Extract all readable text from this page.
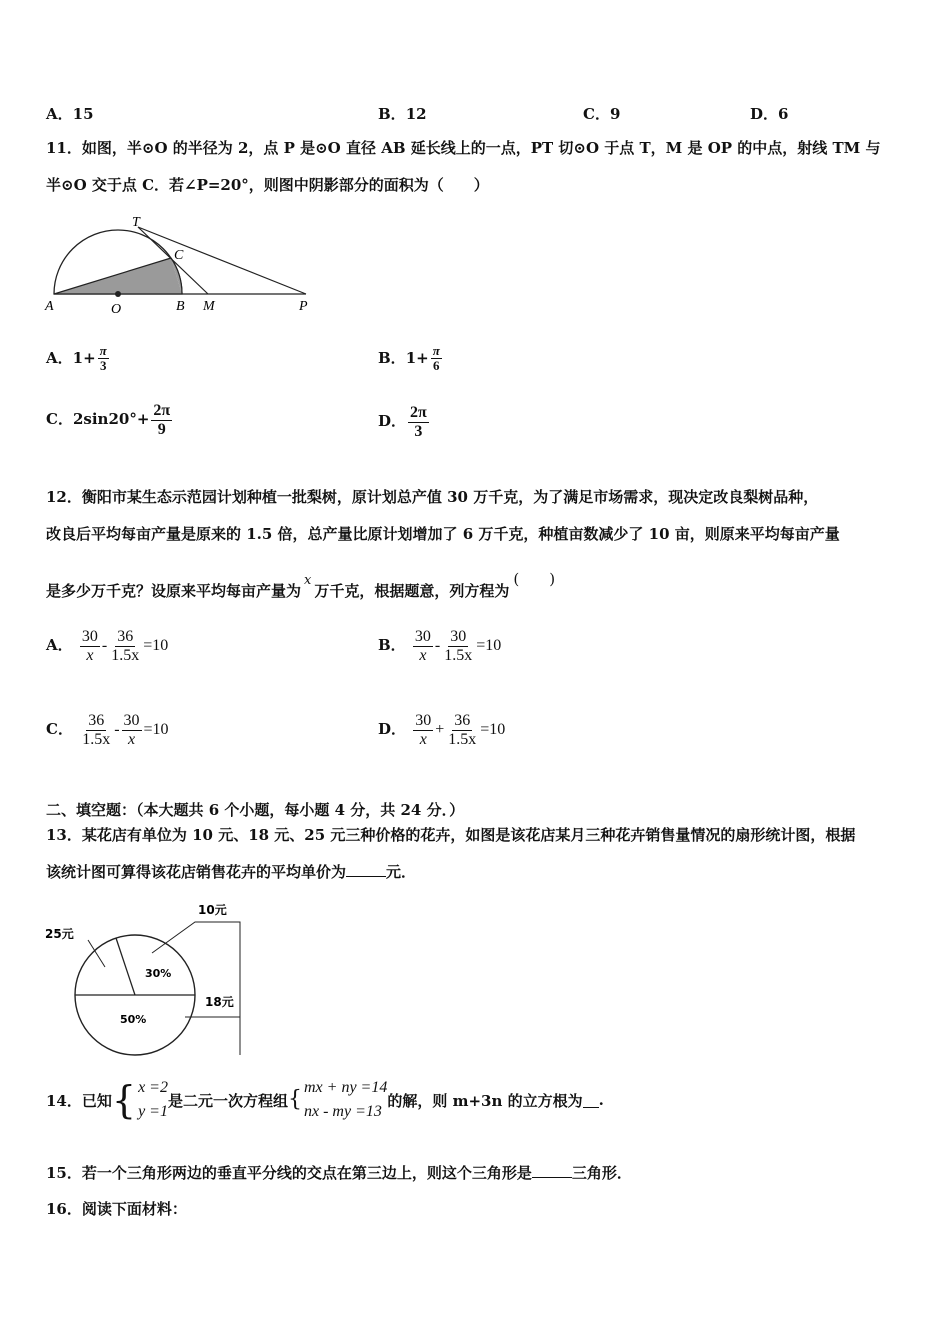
A．15	B．12	C．9	D．6
11．如图，半⊙O 的半径为 2，点 P 是⊙O 直径 AB 延长线上的一点，PT 切⊙O 于点 T，M 是 OP 的中点，射线 TM 与
半⊙O 交于点 C．若∠P=20°，则图中阴影部分的面积为（　　）
T
C
A	O	B M	P
A．$1+ \frac{\pi}{3}$	B．$1+ \frac{\pi}{6}$
C．$2\sin 20^\circ+ \frac{2\pi}{9}$	D． $\frac{2\pi}{3}$
12．衡阳市某生态示范园计划种植一批梨树，原计划总产值 30 万千克，为了满足市场需求，现决定改良梨树品种，
改良后平均每亩产量是原来的 1.5 倍，总产量比原计划增加了 6 万千克，种植亩数减少了 10 亩，则原来平均每亩产量
是多少万千克？设原来平均每亩产量为x万千克，根据题意，列方程为(　　)
A． $\frac{30}{x} - \frac{36}{1.5x} =10$	B． $\frac{30}{x} - \frac{30}{1.5x} =10$
C． $\frac{36}{1.5x} - \frac{30}{x} =10$	D． $\frac{30}{x} + \frac{36}{1.5x} =10$
二、填空题：（本大题共 6 个小题，每小题 4 分，共 24 分．）
13．某花店有单位为 10 元、18 元、25 元三种价格的花卉，如图是该花店某月三种花卉销售量情况的扇形统计图，根据
该统计图可算得该花店销售花卉的平均单价为	元．
10元
25元
18元
30%
50%
14．已知 { x =2
y =1
是二元一次方程组 { mx + ny =14
nx - my =13
的解，则 m+3n 的立方根为 .
15．若一个三角形两边的垂直平分线的交点在第三边上，则这个三角形是	三角形．
16．阅读下面材料：
